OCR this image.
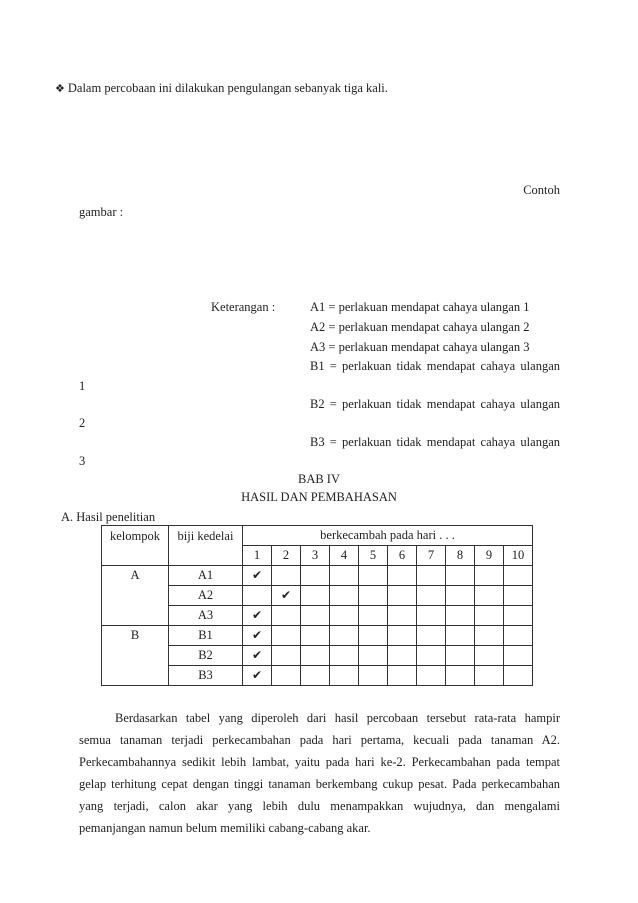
❖ Dalam percobaan ini dilakukan pengulangan sebanyak tiga kali.
Contoh
gambar :
Keterangan :	A1 = perlakuan mendapat cahaya ulangan 1
A2 = perlakuan mendapat cahaya ulangan 2
A3 = perlakuan mendapat cahaya ulangan 3
B1 = perlakuan tidak mendapat cahaya ulangan
1
B2 = perlakuan tidak mendapat cahaya ulangan
2
B3 = perlakuan tidak mendapat cahaya ulangan
3
BAB IV
HASIL DAN PEMBAHASAN
A. Hasil penelitian
kelompok	biji kedelai	berkecambah pada hari . . .									
		1	2	3	4	5	6	7	8	9	10
A	A1	✔									
	A2		✔								
	A3	✔									
B	B1	✔									
	B2	✔									
	B3	✔									

Berdasarkan tabel yang diperoleh dari hasil percobaan tersebut rata-rata hampir

semua tanaman terjadi perkecambahan pada hari pertama, kecuali pada tanaman A2.

Perkecambahannya sedikit lebih lambat, yaitu pada hari ke-2. Perkecambahan pada tempat

gelap terhitung cepat dengan tinggi tanaman berkembang cukup pesat. Pada perkecambahan

yang terjadi, calon akar yang lebih dulu menampakkan wujudnya, dan mengalami

pemanjangan namun belum memiliki cabang-cabang akar.
